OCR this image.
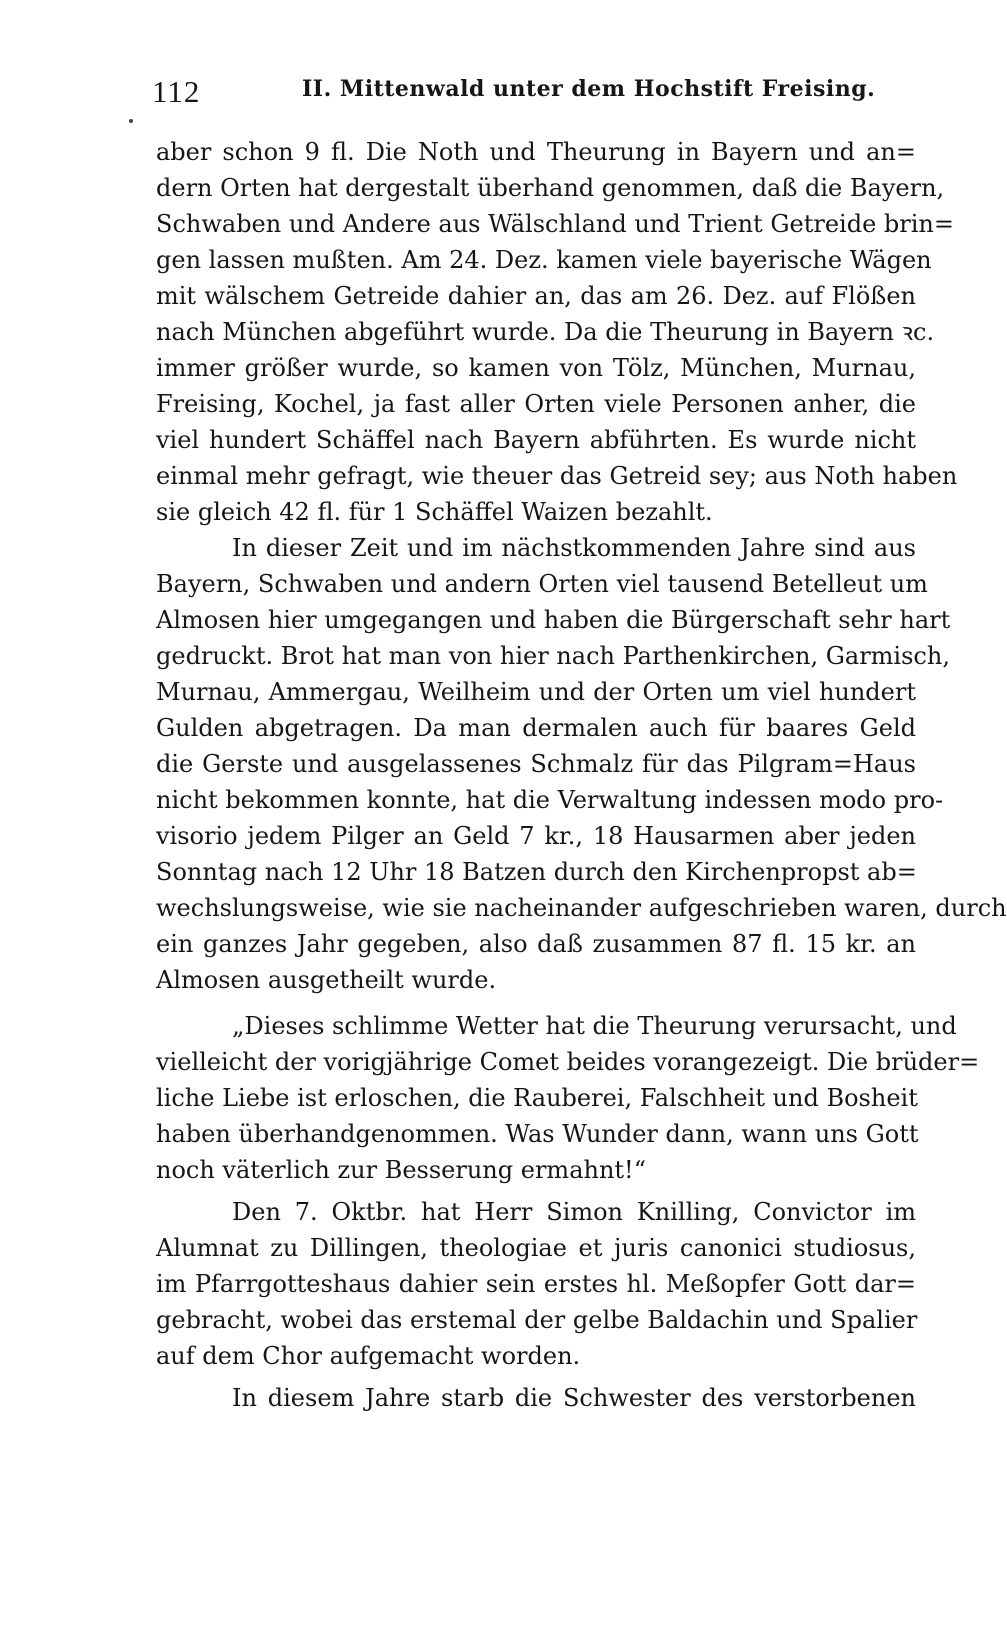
112	II. Mittenwald unter dem Hochstift Freising.
aber schon 9 fl. Die Noth und Theurung in Bayern und an=
dern Orten hat dergestalt überhand genommen, daß die Bayern,
Schwaben und Andere aus Wälschland und Trient Getreide brin=
gen lassen mußten. Am 24. Dez. kamen viele bayerische Wägen
mit wälschem Getreide dahier an, das am 26. Dez. auf Flößen
nach München abgeführt wurde. Da die Theurung in Bayern ꝛc.
immer größer wurde, so kamen von Tölz, München, Murnau,
Freising, Kochel, ja fast aller Orten viele Personen anher, die
viel hundert Schäffel nach Bayern abführten. Es wurde nicht
einmal mehr gefragt, wie theuer das Getreid sey; aus Noth haben
sie gleich 42 fl. für 1 Schäffel Waizen bezahlt.
In dieser Zeit und im nächstkommenden Jahre sind aus
Bayern, Schwaben und andern Orten viel tausend Betelleut um
Almosen hier umgegangen und haben die Bürgerschaft sehr hart
gedruckt. Brot hat man von hier nach Parthenkirchen, Garmisch,
Murnau, Ammergau, Weilheim und der Orten um viel hundert
Gulden abgetragen. Da man dermalen auch für baares Geld
die Gerste und ausgelassenes Schmalz für das Pilgram=Haus
nicht bekommen konnte, hat die Verwaltung indessen modo pro-
visorio jedem Pilger an Geld 7 kr., 18 Hausarmen aber jeden
Sonntag nach 12 Uhr 18 Batzen durch den Kirchenpropst ab=
wechslungsweise, wie sie nacheinander aufgeschrieben waren, durch
ein ganzes Jahr gegeben, also daß zusammen 87 fl. 15 kr. an
Almosen ausgetheilt wurde.
„Dieses schlimme Wetter hat die Theurung verursacht, und
vielleicht der vorigjährige Comet beides vorangezeigt. Die brüder=
liche Liebe ist erloschen, die Rauberei, Falschheit und Bosheit
haben überhandgenommen. Was Wunder dann, wann uns Gott
noch väterlich zur Besserung ermahnt!“
Den 7. Oktbr. hat Herr Simon Knilling, Convictor im
Alumnat zu Dillingen, theologiae et juris canonici studiosus,
im Pfarrgotteshaus dahier sein erstes hl. Meßopfer Gott dar=
gebracht, wobei das erstemal der gelbe Baldachin und Spalier
auf dem Chor aufgemacht worden.
In diesem Jahre starb die Schwester des verstorbenen
